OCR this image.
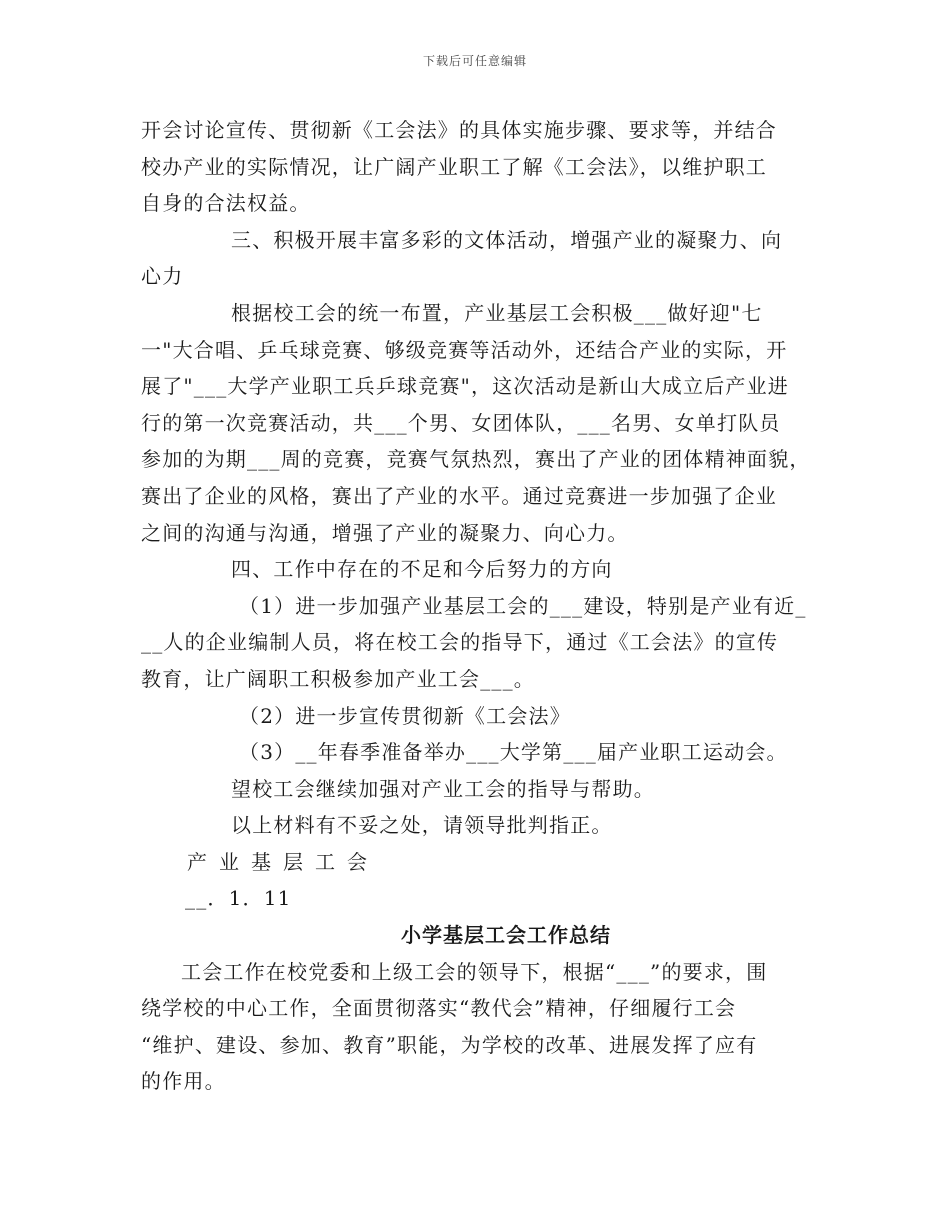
下载后可任意编辑
开会讨论宣传、贯彻新《工会法》的具体实施步骤、要求等，并结合
校办产业的实际情况，让广阔产业职工了解《工会法》，以维护职工
自身的合法权益。
三、积极开展丰富多彩的文体活动，增强产业的凝聚力、向
心力
根据校工会的统一布置，产业基层工会积极___做好迎"七
一"大合唱、乒乓球竞赛、够级竞赛等活动外，还结合产业的实际，开
展了"___大学产业职工兵乒球竞赛"，这次活动是新山大成立后产业进
行的第一次竞赛活动，共___个男、女团体队，___名男、女单打队员
参加的为期___周的竞赛，竞赛气氛热烈，赛出了产业的团体精神面貌，
赛出了企业的风格，赛出了产业的水平。通过竞赛进一步加强了企业
之间的沟通与沟通，增强了产业的凝聚力、向心力。
四、工作中存在的不足和今后努力的方向
（1）进一步加强产业基层工会的___建设，特别是产业有近_
__人的企业编制人员，将在校工会的指导下，通过《工会法》的宣传
教育，让广阔职工积极参加产业工会___。
（2）进一步宣传贯彻新《工会法》
（3）__年春季准备举办___大学第___届产业职工运动会。
望校工会继续加强对产业工会的指导与帮助。
以上材料有不妥之处，请领导批判指正。
产业基层工会
__．1．11
小学基层工会工作总结
工会工作在校党委和上级工会的领导下，根据“___”的要求，围
绕学校的中心工作，全面贯彻落实“教代会”精神，仔细履行工会
“维护、建设、参加、教育”职能，为学校的改革、进展发挥了应有
的作用。
